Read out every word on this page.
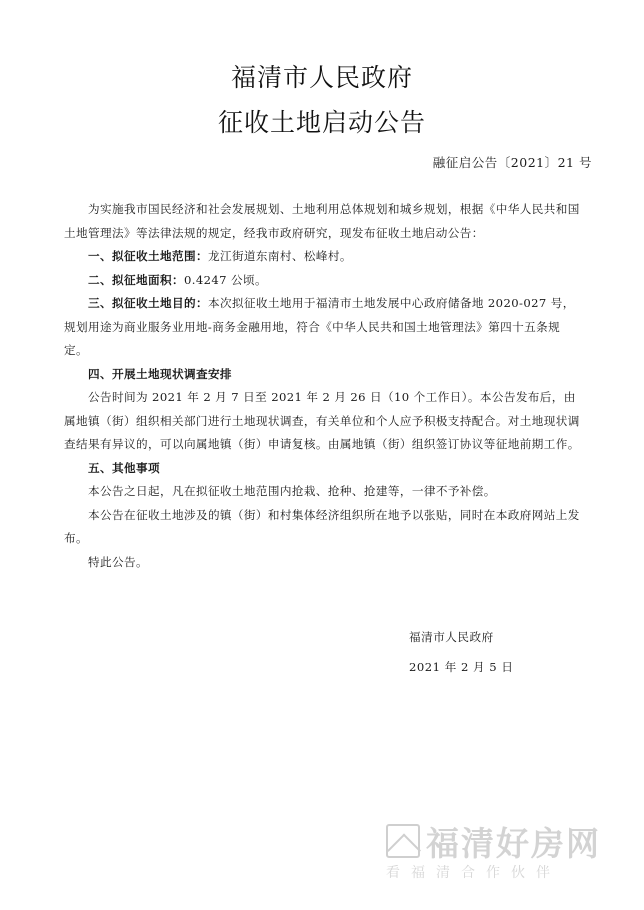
福清市人民政府
征收土地启动公告
融征启公告〔2021〕21 号

为实施我市国民经济和社会发展规划、土地利用总体规划和城乡规划，根据《中华人民共和国土地管理法》等法律法规的规定，经我市政府研究，现发布征收土地启动公告：

一、拟征收土地范围：龙江街道东南村、松峰村。

二、拟征地面积：0.4247 公顷。

三、拟征收土地目的：本次拟征收土地用于福清市土地发展中心政府储备地 2020-027 号，规划用途为商业服务业用地-商务金融用地，符合《中华人民共和国土地管理法》第四十五条规定。

四、开展土地现状调查安排

公告时间为 2021 年 2 月 7 日至 2021 年 2 月 26 日（10 个工作日）。本公告发布后，由属地镇（街）组织相关部门进行土地现状调查，有关单位和个人应予积极支持配合。对土地现状调查结果有异议的，可以向属地镇（街）申请复核。由属地镇（街）组织签订协议等征地前期工作。

五、其他事项

本公告之日起，凡在拟征收土地范围内抢栽、抢种、抢建等，一律不予补偿。

本公告在征收土地涉及的镇（街）和村集体经济组织所在地予以张贴，同时在本政府网站上发布。

特此公告。

福清市人民政府
2021 年 2 月 5 日
福清好房网
看福清合作伙伴
